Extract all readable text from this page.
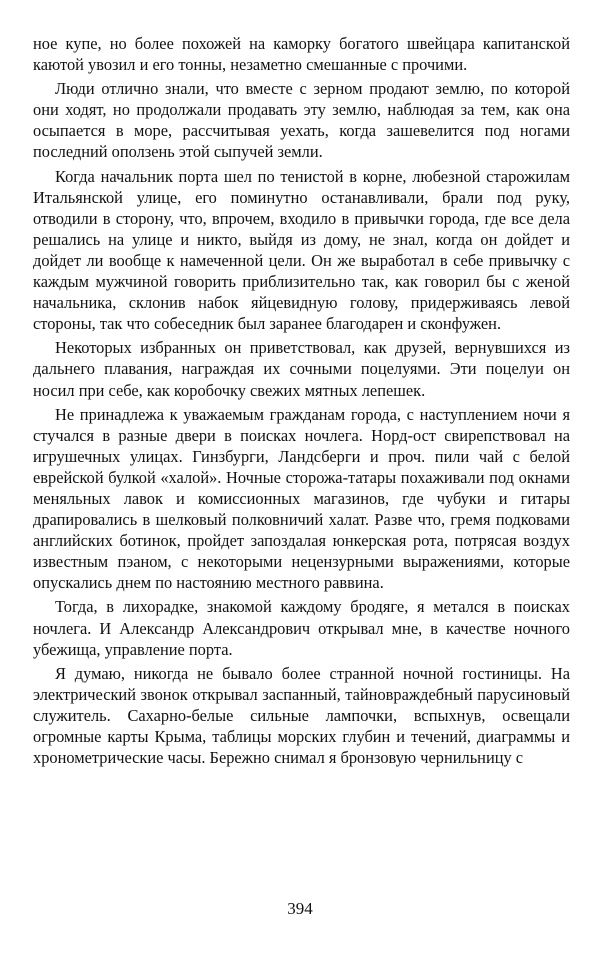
ное купе, но более похожей на каморку богатого швейцара капитанской каютой увозил и его тонны, незаметно смешанные с прочими.

Люди отлично знали, что вместе с зерном продают землю, по которой они ходят, но продолжали продавать эту землю, наблюдая за тем, как она осыпается в море, рассчитывая уехать, когда зашевелится под ногами последний оползень этой сыпучей земли.

Когда начальник порта шел по тенистой в корне, любезной старожилам Итальянской улице, его поминутно останавливали, брали под руку, отводили в сторону, что, впрочем, входило в привычки города, где все дела решались на улице и никто, выйдя из дому, не знал, когда он дойдет и дойдет ли вообще к намеченной цели. Он же выработал в себе привычку с каждым мужчиной говорить приблизительно так, как говорил бы с женой начальника, склонив набок яйцевидную голову, придерживаясь левой стороны, так что собеседник был заранее благодарен и сконфужен.

Некоторых избранных он приветствовал, как друзей, вернувшихся из дальнего плавания, награждая их сочными поцелуями. Эти поцелуи он носил при себе, как коробочку свежих мятных лепешек.

Не принадлежа к уважаемым гражданам города, с наступлением ночи я стучался в разные двери в поисках ночлега. Норд-ост свирепствовал на игрушечных улицах. Гинзбурги, Ландсберги и проч. пили чай с белой еврейской булкой «халой». Ночные сторожа-татары похаживали под окнами меняльных лавок и комиссионных магазинов, где чубуки и гитары драпировались в шелковый полковничий халат. Разве что, гремя подковами английских ботинок, пройдет запоздалая юнкерская рота, потрясая воздух известным пэаном, с некоторыми нецензурными выражениями, которые опускались днем по настоянию местного раввина.

Тогда, в лихорадке, знакомой каждому бродяге, я метался в поисках ночлега. И Александр Александрович открывал мне, в качестве ночного убежища, управление порта.

Я думаю, никогда не бывало более странной ночной гостиницы. На электрический звонок открывал заспанный, тайновраждебный парусиновый служитель. Сахарно-белые сильные лампочки, вспыхнув, освещали огромные карты Крыма, таблицы морских глубин и течений, диаграммы и хронометрические часы. Бережно снимал я бронзовую чернильницу с

394
